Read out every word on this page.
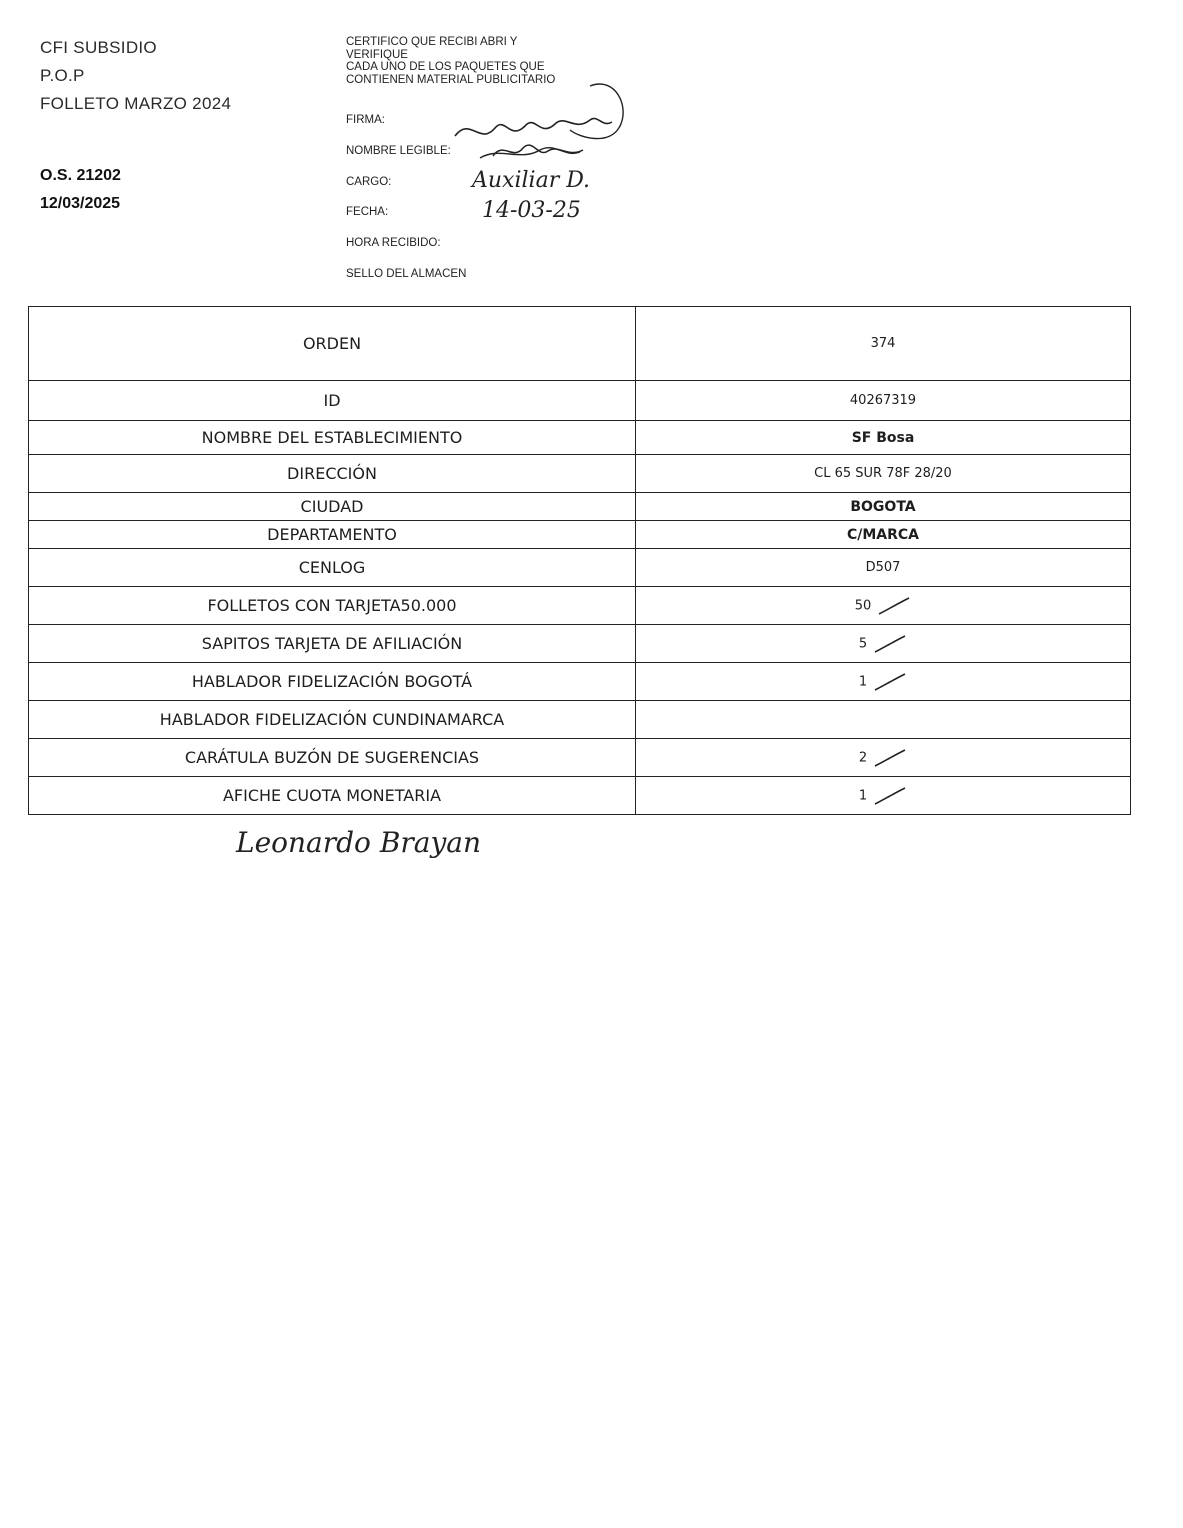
CFI SUBSIDIO
P.O.P
FOLLETO MARZO 2024
O.S. 21202
12/03/2025
CERTIFICO QUE RECIBI ABRI Y
VERIFIQUE
CADA UNO DE LOS PAQUETES QUE
CONTIENEN MATERIAL PUBLICITARIO
FIRMA:
NOMBRE LEGIBLE:
CARGO:
FECHA:
HORA RECIBIDO:
SELLO DEL ALMACEN
Auxiliar D.
14-03-25
ORDEN	374
ID	40267319
NOMBRE DEL ESTABLECIMIENTO	SF Bosa
DIRECCIÓN	CL 65 SUR 78F 28/20
CIUDAD	BOGOTA
DEPARTAMENTO	C/MARCA
CENLOG	D507
FOLLETOS CON TARJETA50.000	50
SAPITOS TARJETA DE AFILIACIÓN	5
HABLADOR FIDELIZACIÓN BOGOTÁ	1
HABLADOR FIDELIZACIÓN CUNDINAMARCA	
CARÁTULA BUZÓN DE SUGERENCIAS	2
AFICHE CUOTA MONETARIA	1
Leonardo Brayan
